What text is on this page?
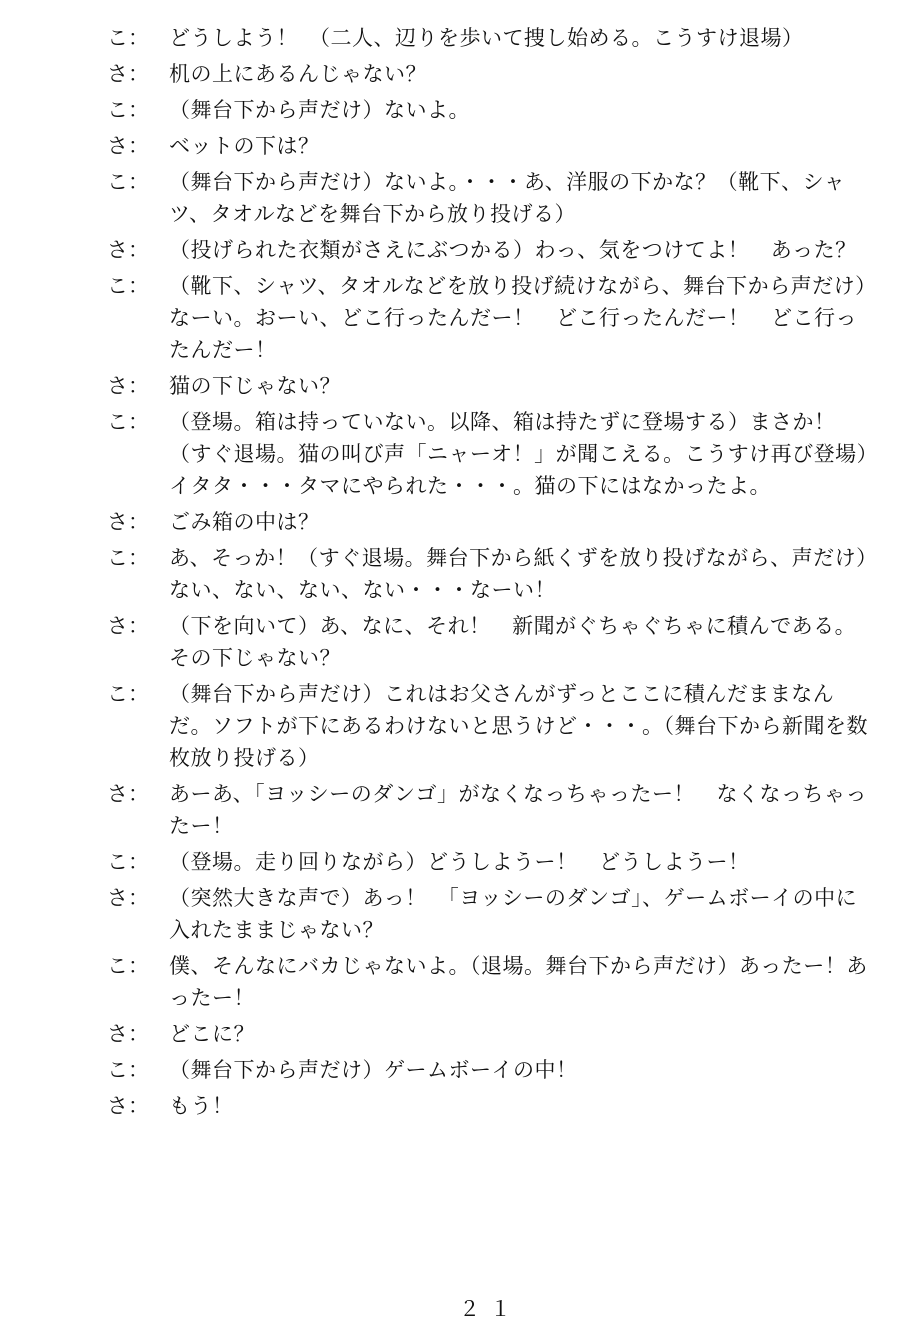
こ： どうしよう！　（二人、辺りを歩いて捜し始める。こうすけ退場）
さ： 机の上にあるんじゃない？
こ： （舞台下から声だけ）ないよ。
さ： ベットの下は？
こ： （舞台下から声だけ）ないよ。・・・あ、洋服の下かな？（靴下、シャツ、タオルなどを舞台下から放り投げる）
さ： （投げられた衣類がさえにぶつかる）わっ、気をつけてよ！　あった？
こ： （靴下、シャツ、タオルなどを放り投げ続けながら、舞台下から声だけ）なーい。おーい、どこ行ったんだー！　どこ行ったんだー！　どこ行ったんだー！
さ： 猫の下じゃない？
こ： （登場。箱は持っていない。以降、箱は持たずに登場する）まさか！（すぐ退場。猫の叫び声「ニャーオ！」が聞こえる。こうすけ再び登場）イタタ・・・タマにやられた・・・。猫の下にはなかったよ。
さ： ごみ箱の中は？
こ： あ、そっか！（すぐ退場。舞台下から紙くずを放り投げながら、声だけ）ない、ない、ない、ない・・・なーい！
さ： （下を向いて）あ、なに、それ！　新聞がぐちゃぐちゃに積んである。その下じゃない？
こ： （舞台下から声だけ）これはお父さんがずっとここに積んだままなんだ。ソフトが下にあるわけないと思うけど・・・。（舞台下から新聞を数枚放り投げる）
さ： あーあ、「ヨッシーのダンゴ」がなくなっちゃったー！　なくなっちゃったー！
こ： （登場。走り回りながら）どうしようー！　どうしようー！
さ： （突然大きな声で）あっ！　「ヨッシーのダンゴ」、ゲームボーイの中に入れたままじゃない？
こ： 僕、そんなにバカじゃないよ。（退場。舞台下から声だけ）あったー！あったー！
さ： どこに？
こ： （舞台下から声だけ）ゲームボーイの中！
さ： もう！
２１
